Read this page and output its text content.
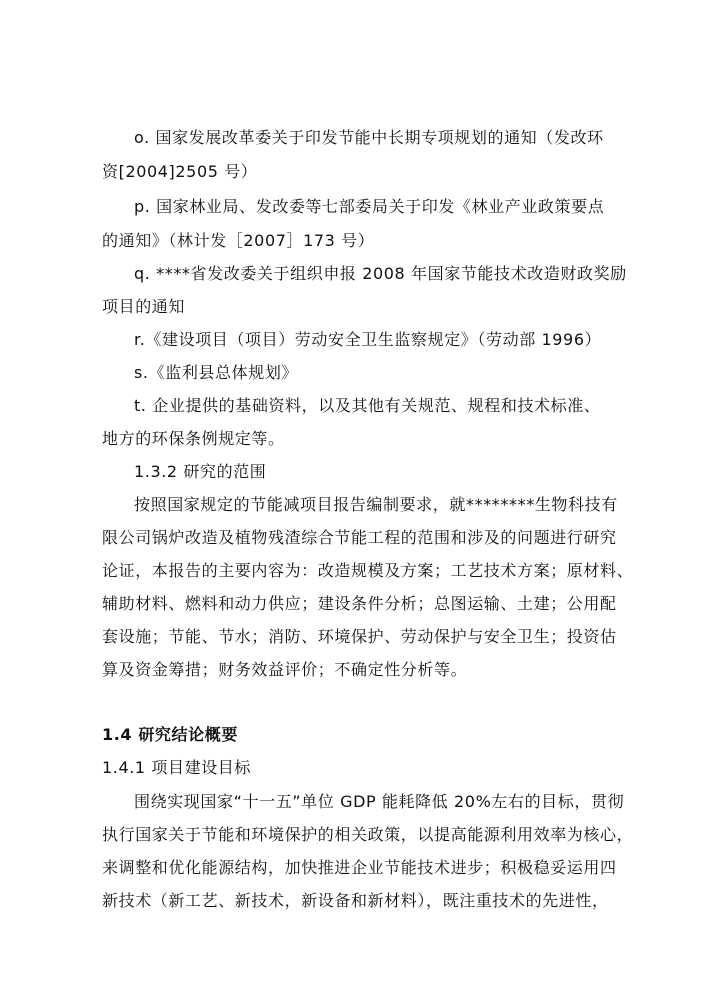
o. 国家发展改革委关于印发节能中长期专项规划的通知（发改环
资[2004]2505 号）
p. 国家林业局、发改委等七部委局关于印发《林业产业政策要点
的通知》（林计发［2007］173 号）
q. ****省发改委关于组织申报 2008 年国家节能技术改造财政奖励
项目的通知
r.《建设项目（项目）劳动安全卫生监察规定》（劳动部 1996）
s.《监利县总体规划》
t. 企业提供的基础资料，以及其他有关规范、规程和技术标准、
地方的环保条例规定等。
1.3.2 研究的范围
按照国家规定的节能减项目报告编制要求，就********生物科技有
限公司锅炉改造及植物残渣综合节能工程的范围和涉及的问题进行研究
论证，本报告的主要内容为：改造规模及方案；工艺技术方案；原材料、
辅助材料、燃料和动力供应；建设条件分析；总图运输、土建；公用配
套设施；节能、节水；消防、环境保护、劳动保护与安全卫生；投资估
算及资金筹措；财务效益评价；不确定性分析等。
1.4 研究结论概要
1.4.1 项目建设目标
围绕实现国家“十一五”单位 GDP 能耗降低 20%左右的目标，贯彻
执行国家关于节能和环境保护的相关政策，以提高能源利用效率为核心，
来调整和优化能源结构，加快推进企业节能技术进步；积极稳妥运用四
新技术（新工艺、新技术，新设备和新材料），既注重技术的先进性，
